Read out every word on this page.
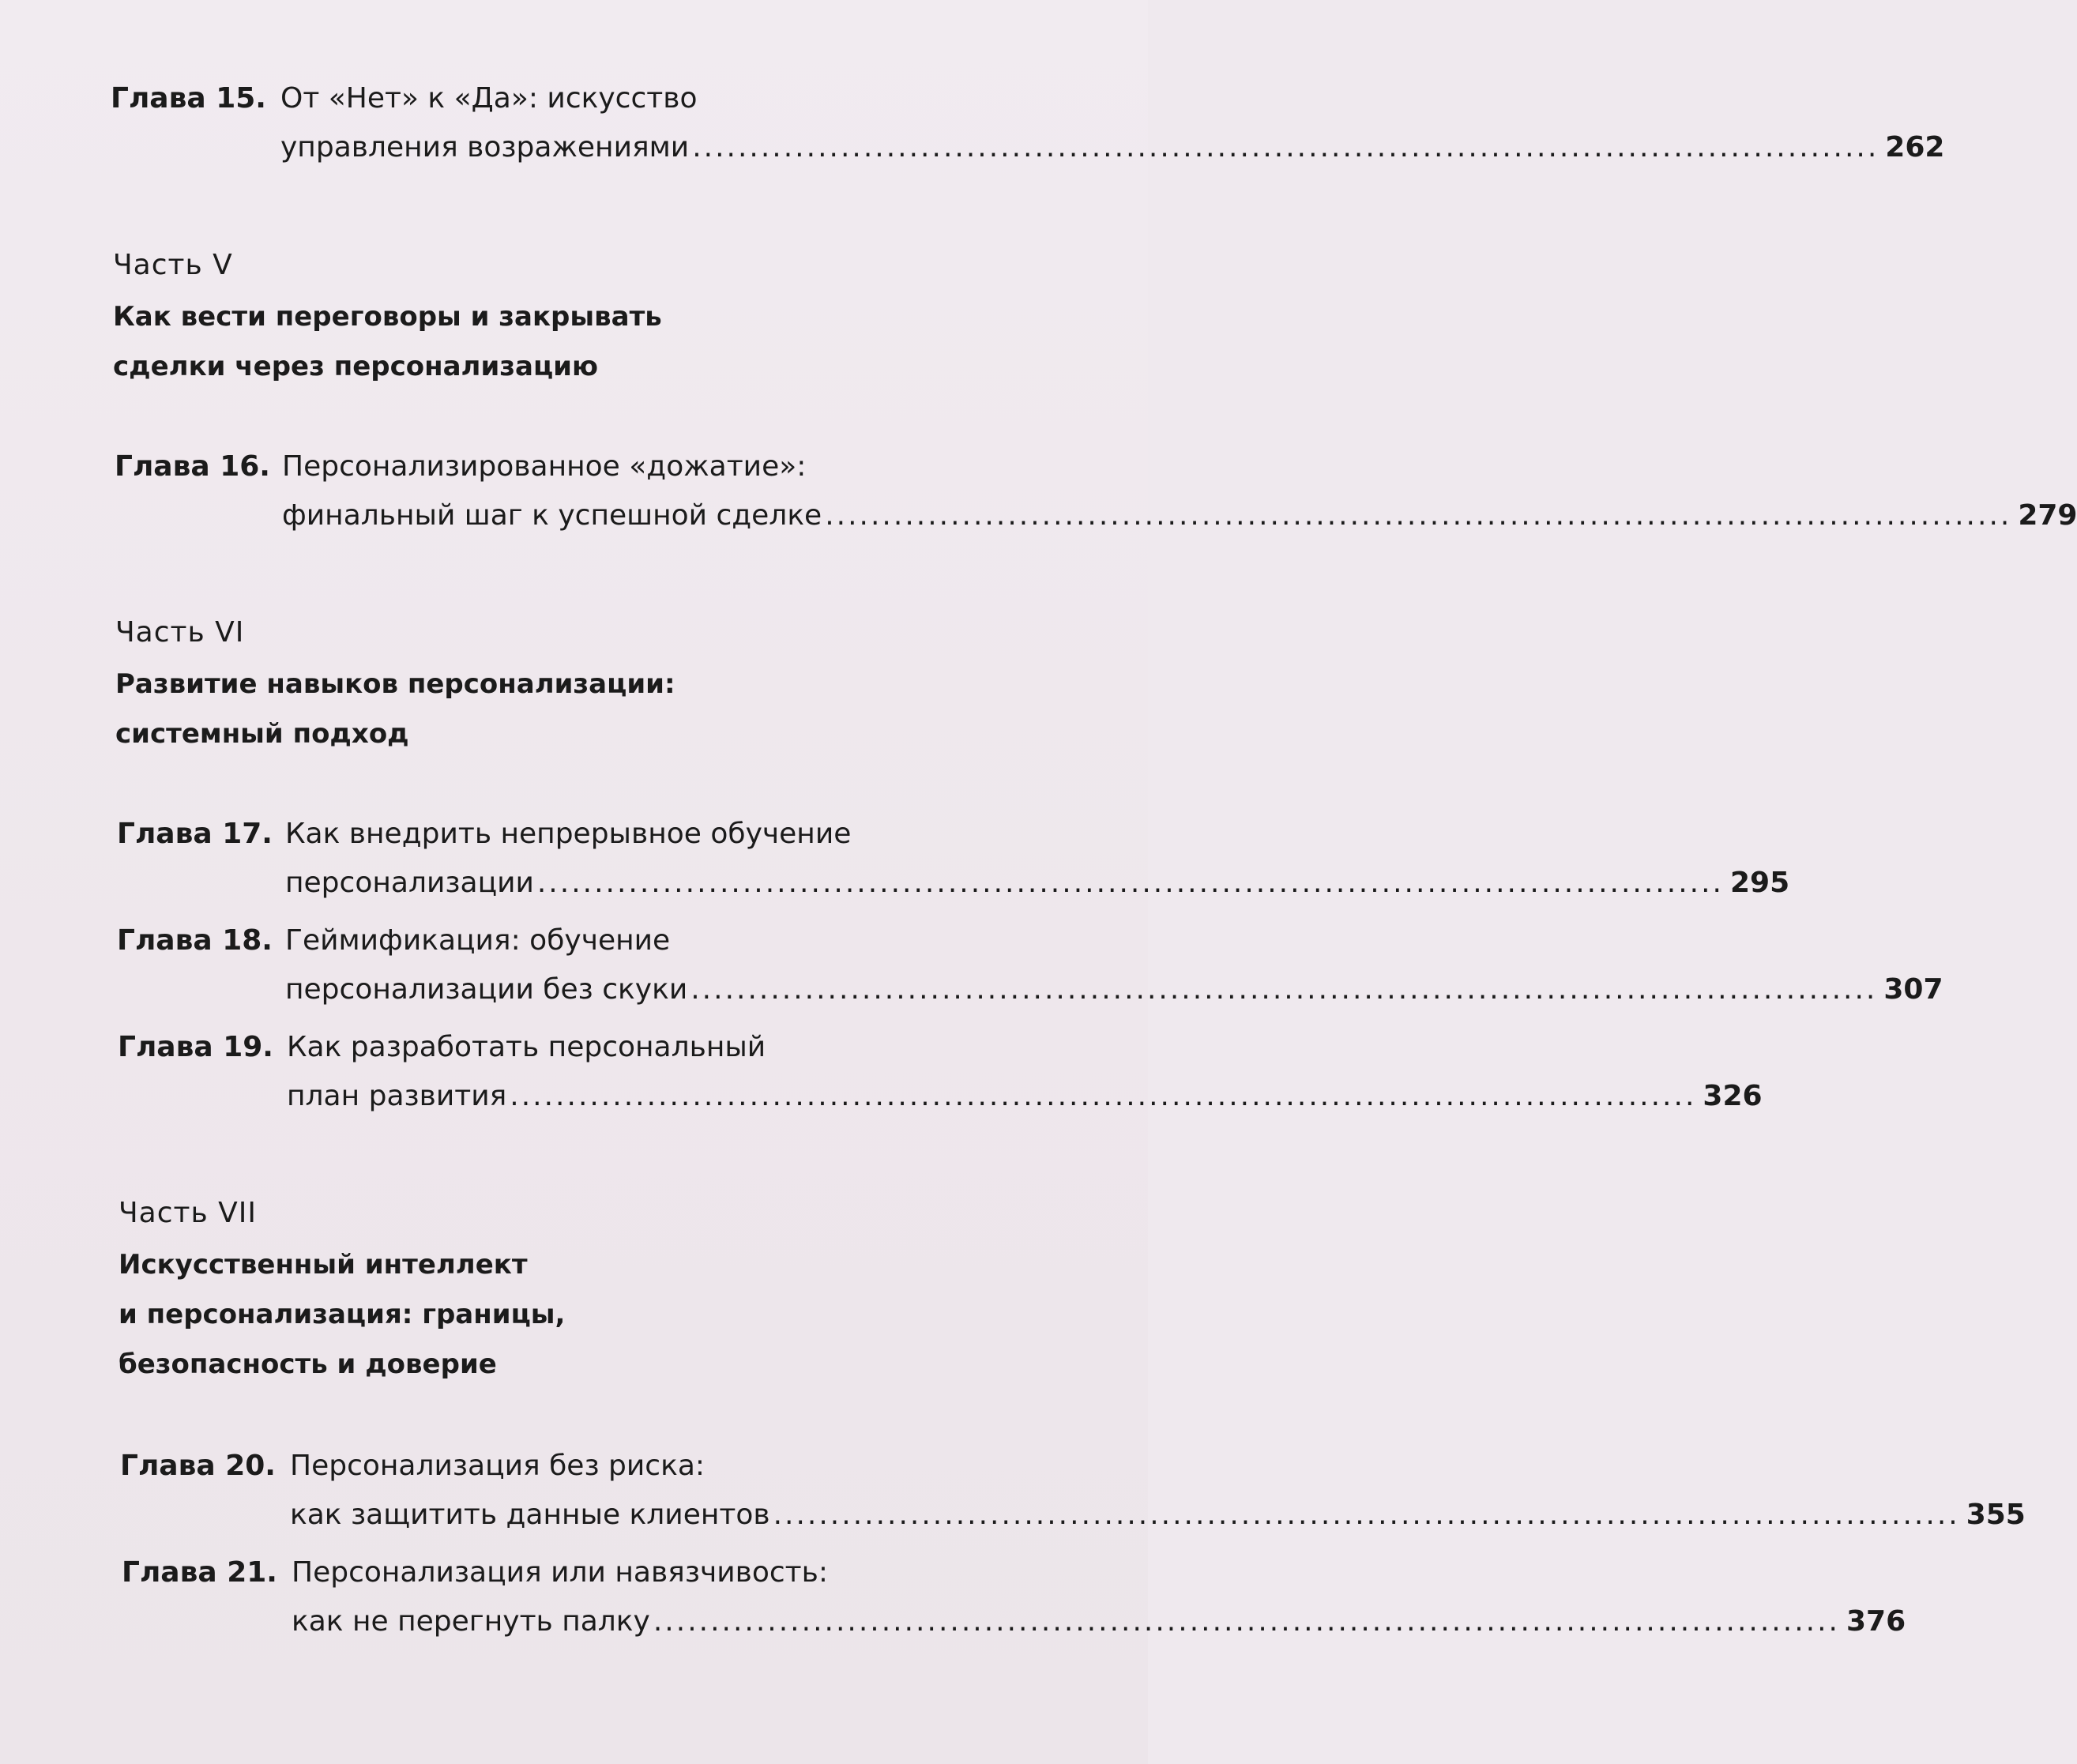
Глава 15. От «Нет» к «Да»: искусство
управления возражениями ........................................................................................................ 262
Часть V
Как вести переговоры и закрывать
сделки через персонализацию
Глава 16. Персонализированное «дожатие»:
финальный шаг к успешной сделке ........................................................................................................ 279
Часть VI
Развитие навыков персонализации:
системный подход
Глава 17. Как внедрить непрерывное обучение
персонализации ........................................................................................................ 295
Глава 18. Геймификация: обучение
персонализации без скуки ........................................................................................................ 307
Глава 19. Как разработать персональный
план развития ........................................................................................................ 326
Часть VII
Искусственный интеллект
и персонализация: границы,
безопасность и доверие
Глава 20. Персонализация без риска:
как защитить данные клиентов ........................................................................................................ 355
Глава 21. Персонализация или навязчивость:
как не перегнуть палку ........................................................................................................ 376
